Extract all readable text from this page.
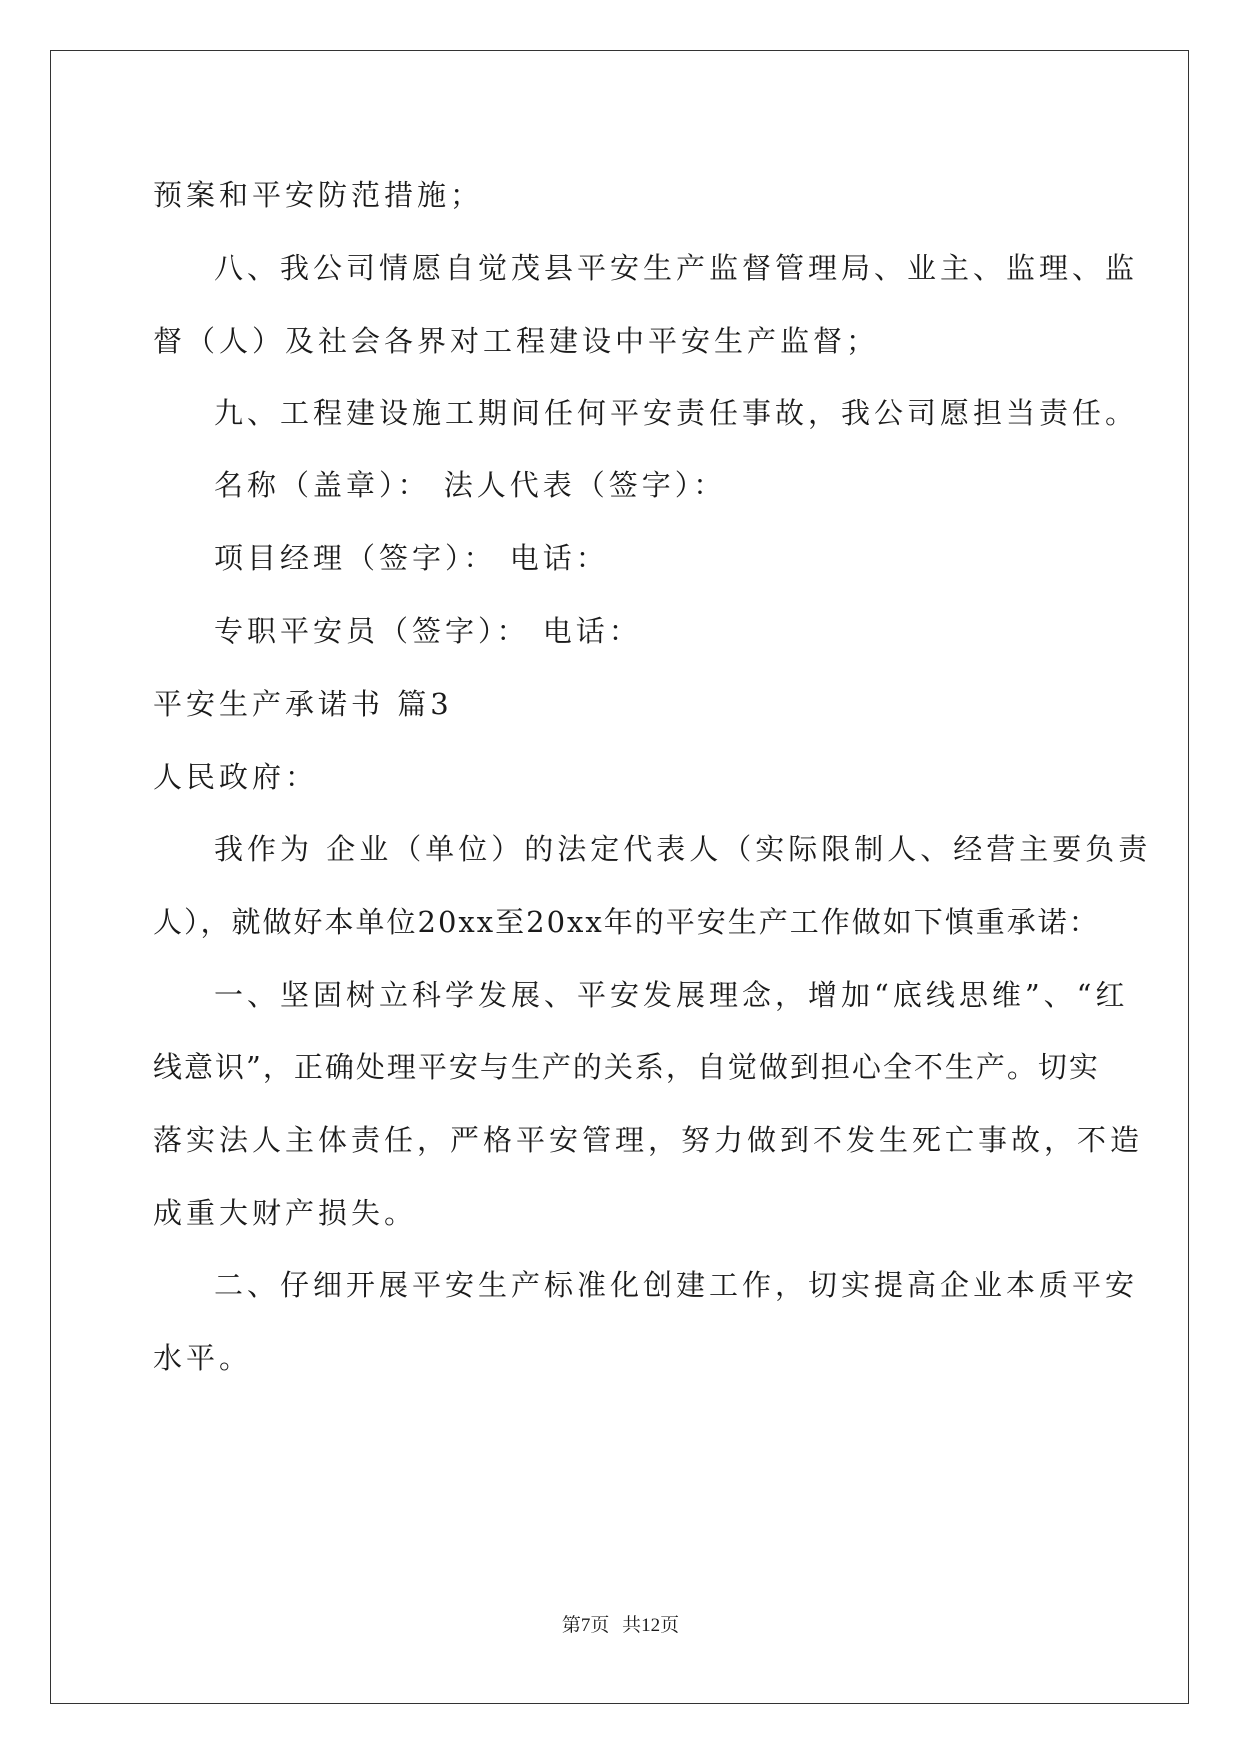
预案和平安防范措施；
八、我公司情愿自觉茂县平安生产监督管理局、业主、监理、监
督（人）及社会各界对工程建设中平安生产监督；
九、工程建设施工期间任何平安责任事故，我公司愿担当责任。
名称（盖章）： 法人代表（签字）：
项目经理（签字）： 电话：
专职平安员（签字）： 电话：
平安生产承诺书 篇3
人民政府：
我作为 企业（单位）的法定代表人（实际限制人、经营主要负责
人），就做好本单位20xx至20xx年的平安生产工作做如下慎重承诺：
一、坚固树立科学发展、平安发展理念，增加“底线思维”、“红
线意识”，正确处理平安与生产的关系，自觉做到担心全不生产。切实
落实法人主体责任，严格平安管理，努力做到不发生死亡事故，不造
成重大财产损失。
二、仔细开展平安生产标准化创建工作，切实提高企业本质平安
水平。
第7页 共12页
